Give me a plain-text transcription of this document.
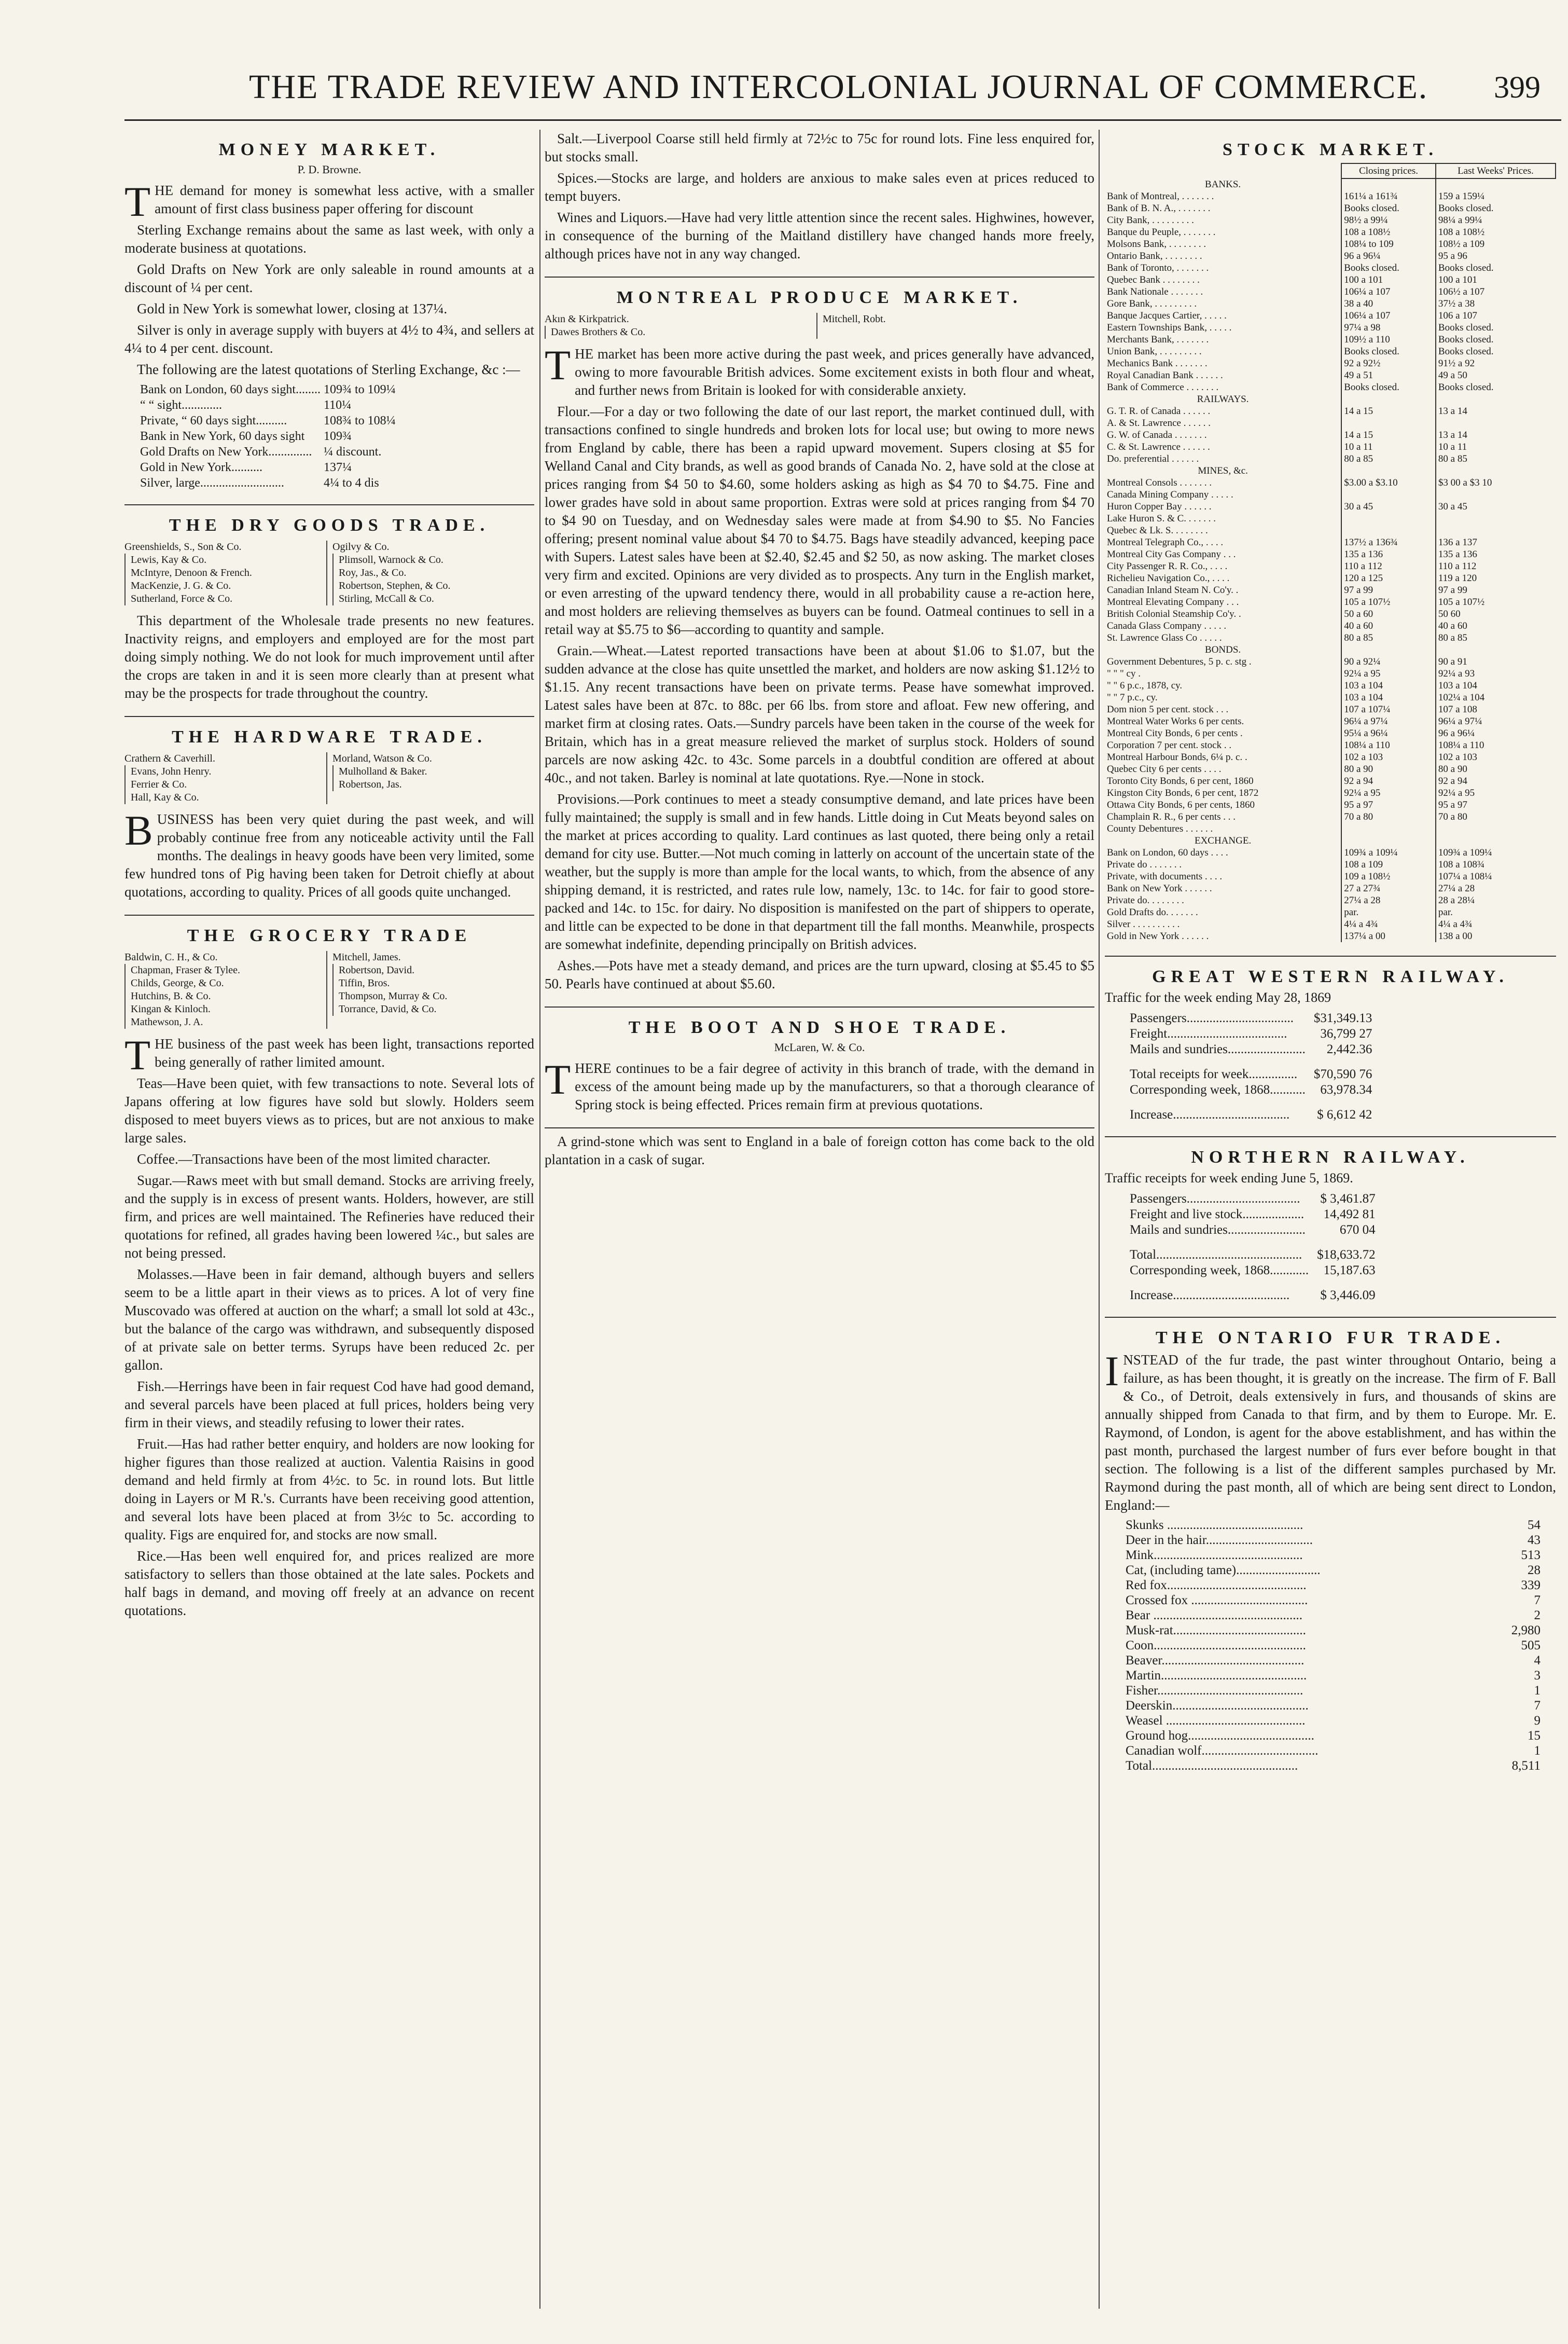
THE TRADE REVIEW AND INTERCOLONIAL JOURNAL OF COMMERCE. 399
MONEY MARKET.
P. D. Browne.

THE demand for money is somewhat less active, with a smaller amount of first class business paper offering for discount

Sterling Exchange remains about the same as last week, with only a moderate business at quotations.

Gold Drafts on New York are only saleable in round amounts at a discount of ¼ per cent.

Gold in New York is somewhat lower, closing at 137¼.

Silver is only in average supply with buyers at 4½ to 4¾, and sellers at 4¼ to 4 per cent. discount.

The following are the latest quotations of Sterling Exchange, &c :—

Bank on London, 60 days sight........	109¾ to 109¼
“ “ sight.............	110¼
Private, “ 60 days sight..........	108¾ to 108¼
Bank in New York, 60 days sight	109¾
Gold Drafts on New York..............	¼ discount.
Gold in New York..........	137¼
Silver, large...........................	4¼ to 4 dis
THE DRY GOODS TRADE.
Greenshields, S., Son & Co.
Lewis, Kay & Co.
McIntyre, Denoon & French.
MacKenzie, J. G. & Co.
Sutherland, Force & Co.
Ogilvy & Co.
Plimsoll, Warnock & Co.
Roy, Jas., & Co.
Robertson, Stephen, & Co.
Stirling, McCall & Co.

This department of the Wholesale trade presents no new features. Inactivity reigns, and employers and employed are for the most part doing simply nothing. We do not look for much improvement until after the crops are taken in and it is seen more clearly than at present what may be the prospects for trade throughout the country.

THE HARDWARE TRADE.
Crathern & Caverhill.
Evans, John Henry.
Ferrier & Co.
Hall, Kay & Co.
Morland, Watson & Co.
Mulholland & Baker.
Robertson, Jas.

BUSINESS has been very quiet during the past week, and will probably continue free from any noticeable activity until the Fall months. The dealings in heavy goods have been very limited, some few hundred tons of Pig having been taken for Detroit chiefly at about quotations, according to quality. Prices of all goods quite unchanged.

THE GROCERY TRADE
Baldwin, C. H., & Co.
Chapman, Fraser & Tylee.
Childs, George, & Co.
Hutchins, B. & Co.
Kingan & Kinloch.
Mathewson, J. A.
Mitchell, James.
Robertson, David.
Tiffin, Bros.
Thompson, Murray & Co.
Torrance, David, & Co.

THE business of the past week has been light, transactions reported being generally of rather limited amount.

Teas—Have been quiet, with few transactions to note. Several lots of Japans offering at low figures have sold but slowly. Holders seem disposed to meet buyers views as to prices, but are not anxious to make large sales.

Coffee.—Transactions have been of the most limited character.

Sugar.—Raws meet with but small demand. Stocks are arriving freely, and the supply is in excess of present wants. Holders, however, are still firm, and prices are well maintained. The Refineries have reduced their quotations for refined, all grades having been lowered ¼c., but sales are not being pressed.

Molasses.—Have been in fair demand, although buyers and sellers seem to be a little apart in their views as to prices. A lot of very fine Muscovado was offered at auction on the wharf; a small lot sold at 43c., but the balance of the cargo was withdrawn, and subsequently disposed of at private sale on better terms. Syrups have been reduced 2c. per gallon.

Fish.—Herrings have been in fair request Cod have had good demand, and several parcels have been placed at full prices, holders being very firm in their views, and steadily refusing to lower their rates.

Fruit.—Has had rather better enquiry, and holders are now looking for higher figures than those realized at auction. Valentia Raisins in good demand and held firmly at from 4½c. to 5c. in round lots. But little doing in Layers or M R.'s. Currants have been receiving good attention, and several lots have been placed at from 3½c to 5c. according to quality. Figs are enquired for, and stocks are now small.

Rice.—Has been well enquired for, and prices realized are more satisfactory to sellers than those obtained at the late sales. Pockets and half bags in demand, and moving off freely at an advance on recent quotations.

Salt.—Liverpool Coarse still held firmly at 72½c to 75c for round lots. Fine less enquired for, but stocks small.

Spices.—Stocks are large, and holders are anxious to make sales even at prices reduced to tempt buyers.

Wines and Liquors.—Have had very little attention since the recent sales. Highwines, however, in consequence of the burning of the Maitland distillery have changed hands more freely, although prices have not in any way changed.

MONTREAL PRODUCE MARKET.
Akın & Kirkpatrick.
Dawes Brothers & Co.
Mitchell, Robt.

THE market has been more active during the past week, and prices generally have advanced, owing to more favourable British advices. Some excitement exists in both flour and wheat, and further news from Britain is looked for with considerable anxiety.

Flour.—For a day or two following the date of our last report, the market continued dull, with transactions confined to single hundreds and broken lots for local use; but owing to more news from England by cable, there has been a rapid upward movement. Supers closing at $5 for Welland Canal and City brands, as well as good brands of Canada No. 2, have sold at the close at prices ranging from $4 50 to $4.60, some holders asking as high as $4 70 to $4.75. Fine and lower grades have sold in about same proportion. Extras were sold at prices ranging from $4 70 to $4 90 on Tuesday, and on Wednesday sales were made at from $4.90 to $5. No Fancies offering; present nominal value about $4 70 to $4.75. Bags have steadily advanced, keeping pace with Supers. Latest sales have been at $2.40, $2.45 and $2 50, as now asking. The market closes very firm and excited. Opinions are very divided as to prospects. Any turn in the English market, or even arresting of the upward tendency there, would in all probability cause a re-action here, and most holders are relieving themselves as buyers can be found. Oatmeal continues to sell in a retail way at $5.75 to $6—according to quantity and sample.

Grain.—Wheat.—Latest reported transactions have been at about $1.06 to $1.07, but the sudden advance at the close has quite unsettled the market, and holders are now asking $1.12½ to $1.15. Any recent transactions have been on private terms. Pease have somewhat improved. Latest sales have been at 87c. to 88c. per 66 lbs. from store and afloat. Few new offering, and market firm at closing rates. Oats.—Sundry parcels have been taken in the course of the week for Britain, which has in a great measure relieved the market of surplus stock. Holders of sound parcels are now asking 42c. to 43c. Some parcels in a doubtful condition are offered at about 40c., and not taken. Barley is nominal at late quotations. Rye.—None in stock.

Provisions.—Pork continues to meet a steady consumptive demand, and late prices have been fully maintained; the supply is small and in few hands. Little doing in Cut Meats beyond sales on the market at prices according to quality. Lard continues as last quoted, there being only a retail demand for city use. Butter.—Not much coming in latterly on account of the uncertain state of the weather, but the supply is more than ample for the local wants, to which, from the absence of any shipping demand, it is restricted, and rates rule low, namely, 13c. to 14c. for fair to good store-packed and 14c. to 15c. for dairy. No disposition is manifested on the part of shippers to operate, and little can be expected to be done in that department till the fall months. Meanwhile, prospects are somewhat indefinite, depending principally on British advices.

Ashes.—Pots have met a steady demand, and prices are the turn upward, closing at $5.45 to $5 50. Pearls have continued at about $5.60.

THE BOOT AND SHOE TRADE.
McLaren, W. & Co.

THERE continues to be a fair degree of activity in this branch of trade, with the demand in excess of the amount being made up by the manufacturers, so that a thorough clearance of Spring stock is being effected. Prices remain firm at previous quotations.

A grind-stone which was sent to England in a bale of foreign cotton has come back to the old plantation in a cask of sugar.

STOCK MARKET.
	Closing prices.	Last Weeks' Prices.
BANKS.		
Bank of Montreal, . . . . . . .	161¼ a 161¾	159 a 159¼
Bank of B. N. A., . . . . . . .	Books closed.	Books closed.
City Bank, . . . . . . . . .	98½ a 99¼	98¼ a 99¼
Banque du Peuple, . . . . . . .	108 a 108½	108 a 108½
Molsons Bank, . . . . . . . .	108¼ to 109	108½ a 109
Ontario Bank, . . . . . . . .	96 a 96¼	95 a 96
Bank of Toronto, . . . . . . .	Books closed.	Books closed.
Quebec Bank . . . . . . . .	100 a 101	100 a 101
Bank Nationale . . . . . . .	106¼ a 107	106½ a 107
Gore Bank, . . . . . . . . .	38 a 40	37½ a 38
Banque Jacques Cartier, . . . . .	106¼ a 107	106 a 107
Eastern Townships Bank, . . . . .	97¼ a 98	Books closed.
Merchants Bank, . . . . . . .	109½ a 110	Books closed.
Union Bank, . . . . . . . . .	Books closed.	Books closed.
Mechanics Bank . . . . . . .	92 a 92½	91½ a 92
Royal Canadian Bank . . . . . .	49 a 51	49 a 50
Bank of Commerce . . . . . . .	Books closed.	Books closed.
RAILWAYS.		
G. T. R. of Canada . . . . . .	14 a 15	13 a 14
A. & St. Lawrence . . . . . .		
G. W. of Canada . . . . . . .	14 a 15	13 a 14
C. & St. Lawrence . . . . . .	10 a 11	10 a 11
Do. preferential . . . . . .	80 a 85	80 a 85
MINES, &c.		
Montreal Consols . . . . . . .	$3.00 a $3.10	$3 00 a $3 10
Canada Mining Company . . . . .		
Huron Copper Bay . . . . . .	30 a 45	30 a 45
Lake Huron S. & C. . . . . . .		
Quebec & Lk. S. . . . . . . .		
Montreal Telegraph Co., . . . .	137½ a 136¾	136 a 137
Montreal City Gas Company . . .	135 a 136	135 a 136
City Passenger R. R. Co., . . . .	110 a 112	110 a 112
Richelieu Navigation Co., . . . .	120 a 125	119 a 120
Canadian Inland Steam N. Co'y. .	97 a 99	97 a 99
Montreal Elevating Company . . .	105 a 107½	105 a 107½
British Colonial Steamship Co'y. .	50 a 60	50 60
Canada Glass Company . . . . .	40 a 60	40 a 60
St. Lawrence Glass Co . . . . .	80 a 85	80 a 85
BONDS.		
Government Debentures, 5 p. c. stg .	90 a 92¼	90 a 91
" " " cy .	92¼ a 95	92¼ a 93
" " 6 p.c., 1878, cy.	103 a 104	103 a 104
" " 7 p.c., cy.	103 a 104	102¼ a 104
Dom nion 5 per cent. stock . . .	107 a 107¼	107 a 108
Montreal Water Works 6 per cents.	96¼ a 97¼	96¼ a 97¼
Montreal City Bonds, 6 per cents .	95¼ a 96¼	96 a 96¼
Corporation 7 per cent. stock . .	108¼ a 110	108¼ a 110
Montreal Harbour Bonds, 6¼ p. c. .	102 a 103	102 a 103
Quebec City 6 per cents . . . .	80 a 90	80 a 90
Toronto City Bonds, 6 per cent, 1860	92 a 94	92 a 94
Kingston City Bonds, 6 per cent, 1872	92¼ a 95	92¼ a 95
Ottawa City Bonds, 6 per cents, 1860	95 a 97	95 a 97
Champlain R. R., 6 per cents . . .	70 a 80	70 a 80
County Debentures . . . . . .		
EXCHANGE.		
Bank on London, 60 days . . . .	109¾ a 109¼	109¾ a 109¼
Private do . . . . . . .	108 a 109	108 a 108¾
Private, with documents . . . .	109 a 108½	107¼ a 108¼
Bank on New York . . . . . .	27 a 27¾	27¼ a 28
Private do. . . . . . . .	27¼ a 28	28 a 28¼
Gold Drafts do. . . . . . .	par.	par.
Silver . . . . . . . . . .	4¼ a 4¾	4¼ a 4¾
Gold in New York . . . . . .	137¼ a 00	138 a 00
GREAT WESTERN RAILWAY.
Traffic for the week ending May 28, 1869
Passengers.................................	$31,349.13
Freight.....................................	36,799 27
Mails and sundries........................	2,442.36
Total receipts for week...............	$70,590 76
Corresponding week, 1868...........	63,978.34
Increase....................................	$ 6,612 42
NORTHERN RAILWAY.
Traffic receipts for week ending June 5, 1869.
Passengers...................................	$ 3,461.87
Freight and live stock...................	14,492 81
Mails and sundries........................	670 04
Total.............................................	$18,633.72
Corresponding week, 1868............	15,187.63
Increase....................................	$ 3,446.09
THE ONTARIO FUR TRADE.

INSTEAD of the fur trade, the past winter throughout Ontario, being a failure, as has been thought, it is greatly on the increase. The firm of F. Ball & Co., of Detroit, deals extensively in furs, and thousands of skins are annually shipped from Canada to that firm, and by them to Europe. Mr. E. Raymond, of London, is agent for the above establishment, and has within the past month, purchased the largest number of furs ever before bought in that section. The following is a list of the different samples purchased by Mr. Raymond during the past month, all of which are being sent direct to London, England:—

Skunks ..........................................	54
Deer in the hair.................................	43
Mink..............................................	513
Cat, (including tame)..........................	28
Red fox...........................................	339
Crossed fox ....................................	7
Bear ..............................................	2
Musk-rat.........................................	2,980
Coon...............................................	505
Beaver............................................	4
Martin.............................................	3
Fisher.............................................	1
Deerskin..........................................	7
Weasel ...........................................	9
Ground hog.......................................	15
Canadian wolf....................................	1
Total.............................................	8,511
